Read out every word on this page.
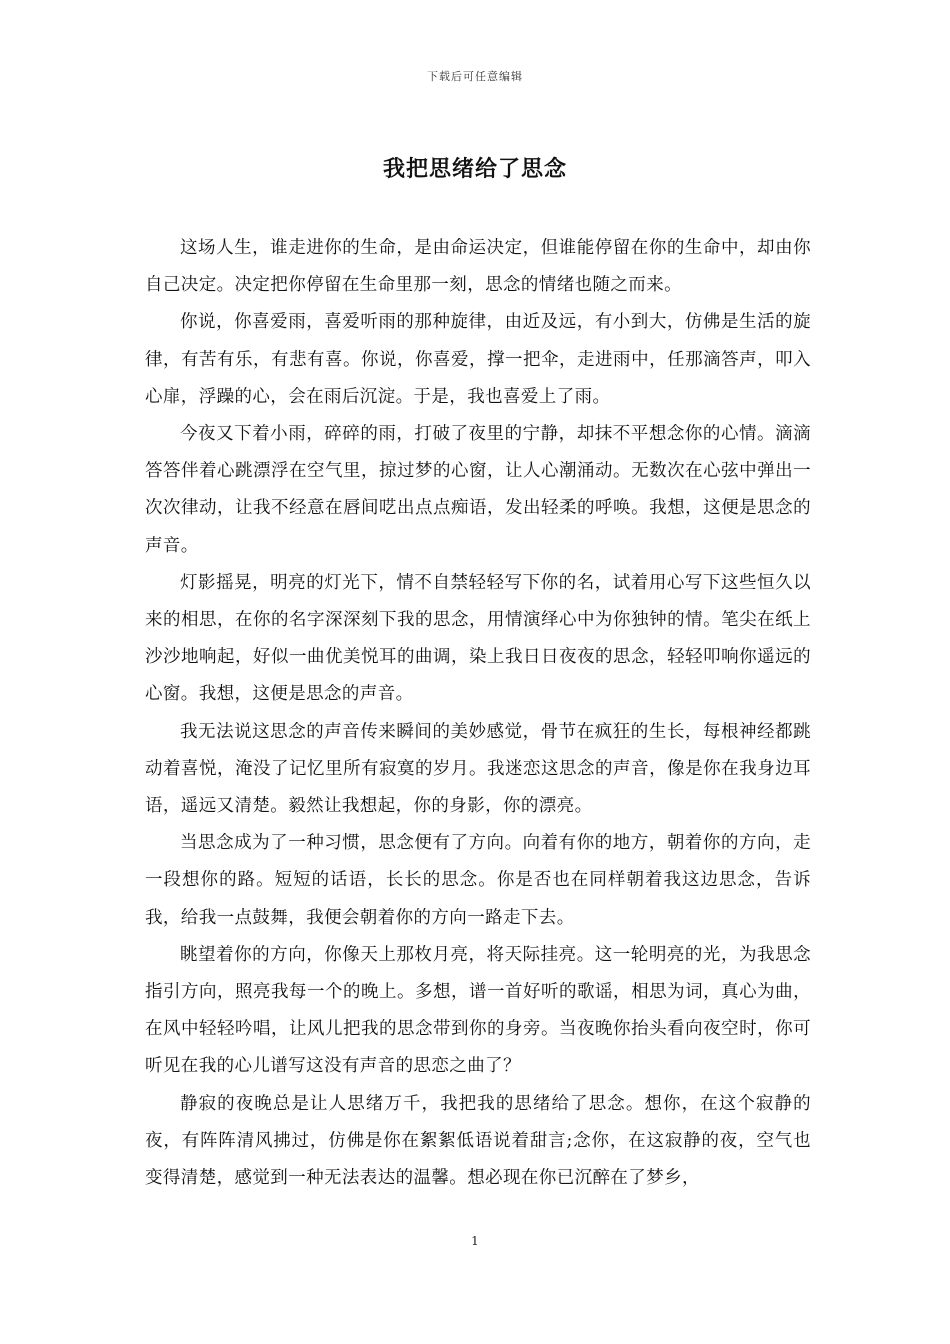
下载后可任意编辑
我把思绪给了思念

这场人生，谁走进你的生命，是由命运决定，但谁能停留在你的生命中，却由你自己决定。决定把你停留在生命里那一刻，思念的情绪也随之而来。

你说，你喜爱雨，喜爱听雨的那种旋律，由近及远，有小到大，仿佛是生活的旋律，有苦有乐，有悲有喜。你说，你喜爱，撑一把伞，走进雨中，任那滴答声，叩入心扉，浮躁的心，会在雨后沉淀。于是，我也喜爱上了雨。

今夜又下着小雨，碎碎的雨，打破了夜里的宁静，却抹不平想念你的心情。滴滴答答伴着心跳漂浮在空气里，掠过梦的心窗，让人心潮涌动。无数次在心弦中弹出一次次律动，让我不经意在唇间呓出点点痴语，发出轻柔的呼唤。我想，这便是思念的声音。

灯影摇晃，明亮的灯光下，情不自禁轻轻写下你的名，试着用心写下这些恒久以来的相思，在你的名字深深刻下我的思念，用情演绎心中为你独钟的情。笔尖在纸上沙沙地响起，好似一曲优美悦耳的曲调，染上我日日夜夜的思念，轻轻叩响你遥远的心窗。我想，这便是思念的声音。

我无法说这思念的声音传来瞬间的美妙感觉，骨节在疯狂的生长，每根神经都跳动着喜悦，淹没了记忆里所有寂寞的岁月。我迷恋这思念的声音，像是你在我身边耳语，遥远又清楚。毅然让我想起，你的身影，你的漂亮。

当思念成为了一种习惯，思念便有了方向。向着有你的地方，朝着你的方向，走一段想你的路。短短的话语，长长的思念。你是否也在同样朝着我这边思念，告诉我，给我一点鼓舞，我便会朝着你的方向一路走下去。

眺望着你的方向，你像天上那枚月亮，将天际挂亮。这一轮明亮的光，为我思念指引方向，照亮我每一个的晚上。多想，谱一首好听的歌谣，相思为词，真心为曲，在风中轻轻吟唱，让风儿把我的思念带到你的身旁。当夜晚你抬头看向夜空时，你可听见在我的心儿谱写这没有声音的思恋之曲了？

静寂的夜晚总是让人思绪万千，我把我的思绪给了思念。想你，在这个寂静的夜，有阵阵清风拂过，仿佛是你在絮絮低语说着甜言;念你，在这寂静的夜，空气也变得清楚，感觉到一种无法表达的温馨。想必现在你已沉醉在了梦乡，

1
